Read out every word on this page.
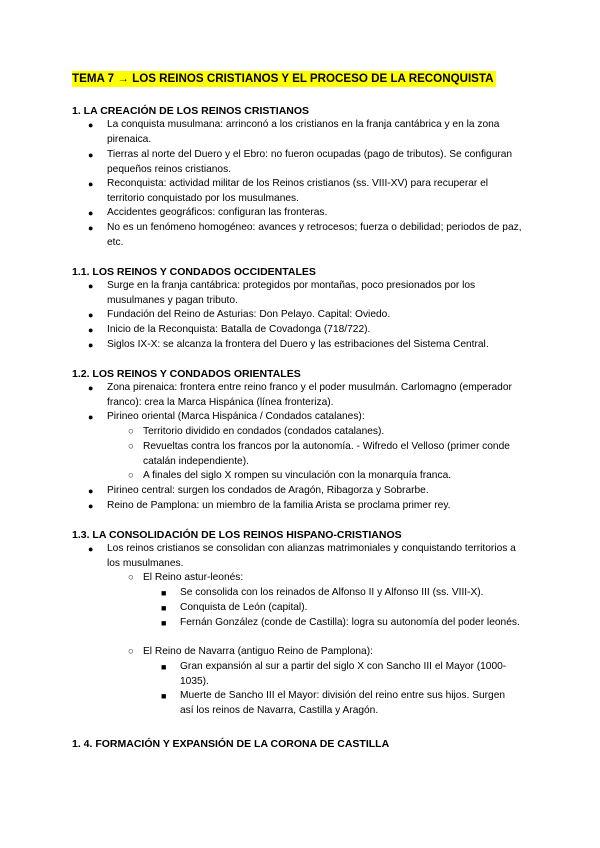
TEMA 7 → LOS REINOS CRISTIANOS Y EL PROCESO DE LA RECONQUISTA
1. LA CREACIÓN DE LOS REINOS CRISTIANOS
● La conquista musulmana: arrinconó a los cristianos en la franja cantábrica y en la zona pirenaica.
● Tierras al norte del Duero y el Ebro: no fueron ocupadas (pago de tributos). Se configuran pequeños reinos cristianos.
● Reconquista: actividad militar de los Reinos cristianos (ss. VIII-XV) para recuperar el territorio conquistado por los musulmanes.
● Accidentes geográficos: configuran las fronteras.
● No es un fenómeno homogéneo: avances y retrocesos; fuerza o debilidad; periodos de paz, etc.
1.1. LOS REINOS Y CONDADOS OCCIDENTALES
● Surge en la franja cantábrica: protegidos por montañas, poco presionados por los musulmanes y pagan tributo.
● Fundación del Reino de Asturias: Don Pelayo. Capital: Oviedo.
● Inicio de la Reconquista: Batalla de Covadonga (718/722).
● Siglos IX-X: se alcanza la frontera del Duero y las estribaciones del Sistema Central.
1.2. LOS REINOS Y CONDADOS ORIENTALES
● Zona pirenaica: frontera entre reino franco y el poder musulmán. Carlomagno (emperador franco): crea la Marca Hispánica (línea fronteriza).
● Pirineo oriental (Marca Hispánica / Condados catalanes):
○ Territorio dividido en condados (condados catalanes).
○ Revueltas contra los francos por la autonomía. - Wifredo el Velloso (primer conde catalán independiente).
○ A finales del siglo X rompen su vinculación con la monarquía franca.
● Pirineo central: surgen los condados de Aragón, Ribagorza y Sobrarbe.
● Reino de Pamplona: un miembro de la familia Arista se proclama primer rey.
1.3. LA CONSOLIDACIÓN DE LOS REINOS HISPANO-CRISTIANOS
● Los reinos cristianos se consolidan con alianzas matrimoniales y conquistando territorios a los musulmanes.
○ El Reino astur-leonés:
■ Se consolida con los reinados de Alfonso II y Alfonso III (ss. VIII-X).
■ Conquista de León (capital).
■ Fernán González (conde de Castilla): logra su autonomía del poder leonés.
○ El Reino de Navarra (antiguo Reino de Pamplona):
■ Gran expansión al sur a partir del siglo X con Sancho III el Mayor (1000- 1035).
■ Muerte de Sancho III el Mayor: división del reino entre sus hijos. Surgen así los reinos de Navarra, Castilla y Aragón.
1. 4. FORMACIÓN Y EXPANSIÓN DE LA CORONA DE CASTILLA
